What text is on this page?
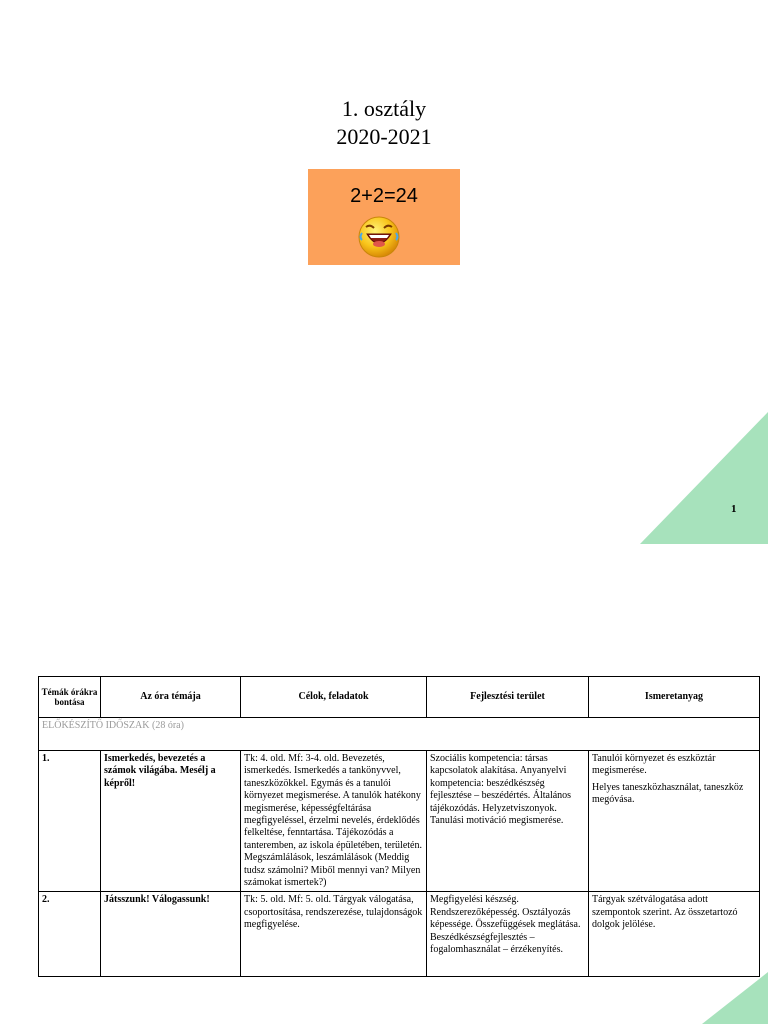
1. osztály
2020-2021
2+2=24
1
Témák órákra bontása	Az óra témája	Célok, feladatok	Fejlesztési terület	Ismeretanyag
ELŐKÉSZÍTŐ IDŐSZAK (28 óra)				
1.	Ismerkedés, bevezetés a számok világába. Mesélj a képről!	Tk: 4. old. Mf: 3-4. old. Bevezetés, ismerkedés. Ismerkedés a tankönyvvel, taneszközökkel. Egymás és a tanulói környezet megismerése. A tanulók hatékony megismerése, képességfeltárása megfigyeléssel, érzelmi nevelés, érdeklődés felkeltése, fenntartása. Tájékozódás a tanteremben, az iskola épületében, területén. Megszámlálások, leszámlálások (Meddig tudsz számolni? Miből mennyi van? Milyen számokat ismertek?)	Szociális kompetencia: társas kapcsolatok alakítása. Anyanyelvi kompetencia: beszédkészség fejlesztése – beszédértés. Általános tájékozódás. Helyzetviszonyok. Tanulási motiváció megismerése.	Tanulói környezet és eszköztár megismerése.

Helyes taneszközhasználat, taneszköz megóvása.

2.	Játsszunk! Válogassunk!	Tk: 5. old. Mf: 5. old. Tárgyak válogatása, csoportosítása, rendszerezése, tulajdonságok megfigyelése.	Megfigyelési készség. Rendszerezőképesség. Osztályozás képessége. Összefüggések meglátása. Beszédkészségfejlesztés – fogalomhasználat – érzékenyítés.	Tárgyak szétválogatása adott szempontok szerint. Az összetartozó dolgok jelölése.
